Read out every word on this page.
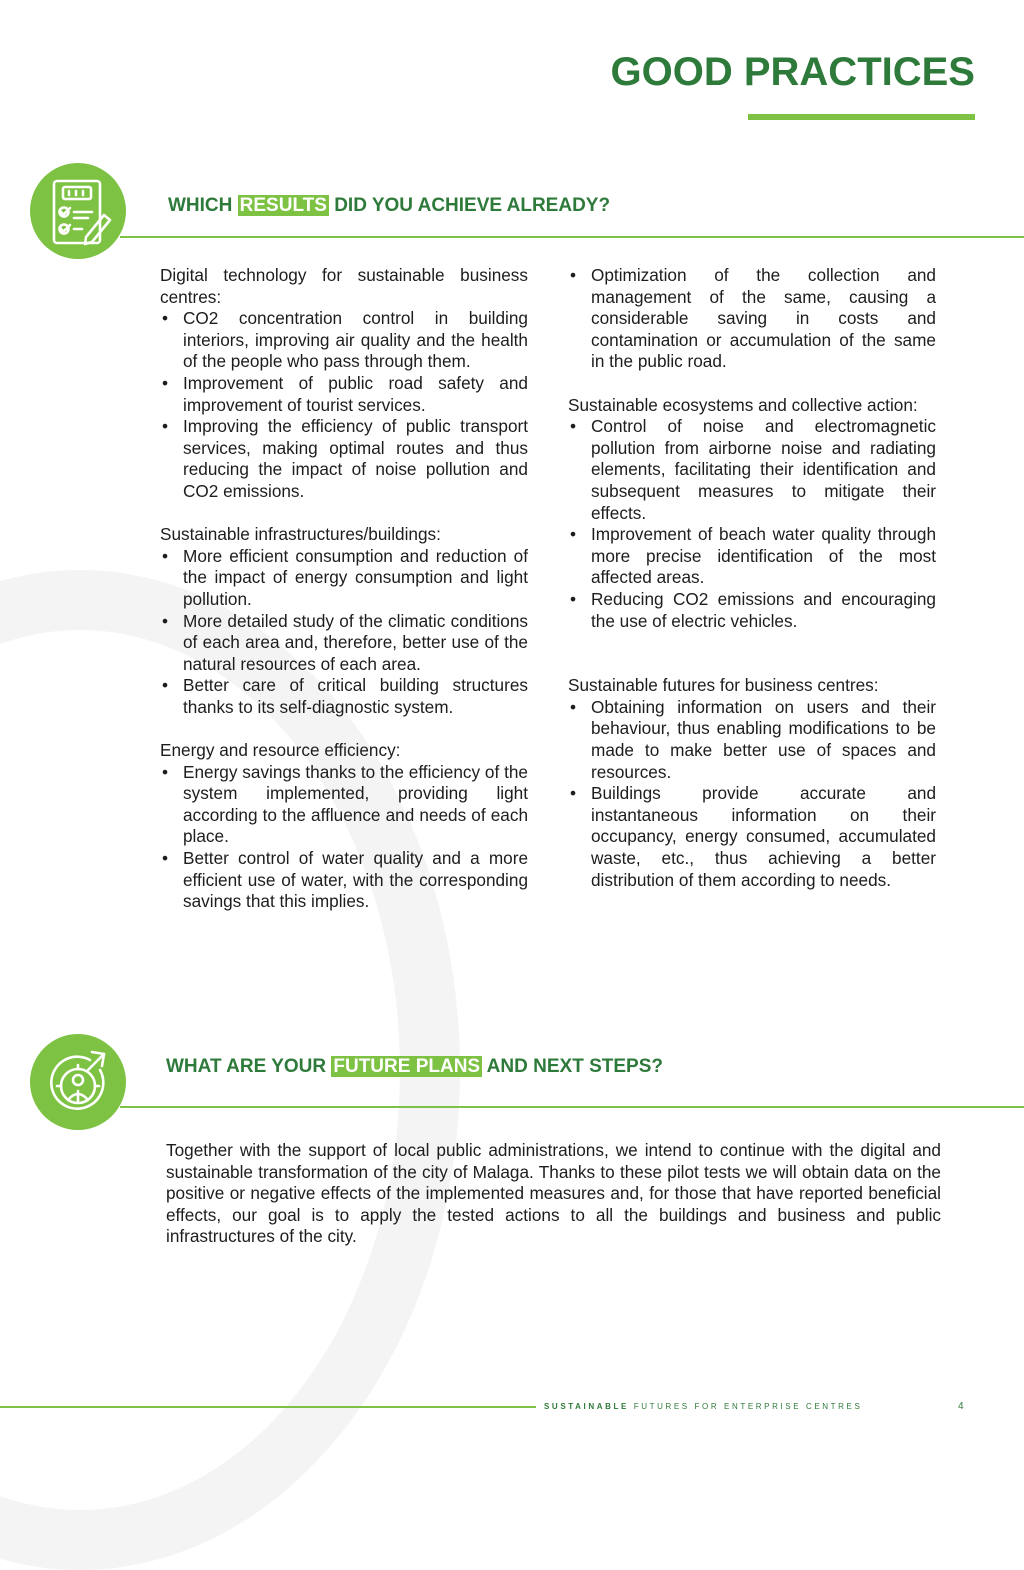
GOOD PRACTICES
WHICH RESULTS DID YOU ACHIEVE ALREADY?

Digital technology for sustainable business centres:

• CO2 concentration control in building interiors, improving air quality and the health of the people who pass through them.
• Improvement of public road safety and improvement of tourist services.
• Improving the efficiency of public transport services, making optimal routes and thus reducing the impact of noise pollution and CO2 emissions.

Sustainable infrastructures/buildings:

• More efficient consumption and reduction of the impact of energy consumption and light pollution.
• More detailed study of the climatic conditions of each area and, therefore, better use of the natural resources of each area.
• Better care of critical building structures thanks to its self-diagnostic system.

Energy and resource efficiency:

• Energy savings thanks to the efficiency of the system implemented, providing light according to the affluence and needs of each place.
• Better control of water quality and a more efficient use of water, with the corresponding savings that this implies.
• Optimization of the collection and management of the same, causing a considerable saving in costs and contamination or accumulation of the same in the public road.

Sustainable ecosystems and collective action:

• Control of noise and electromagnetic pollution from airborne noise and radiating elements, facilitating their identification and subsequent measures to mitigate their effects.
• Improvement of beach water quality through more precise identification of the most affected areas.
• Reducing CO2 emissions and encouraging the use of electric vehicles.

Sustainable futures for business centres:

• Obtaining information on users and their behaviour, thus enabling modifications to be made to make better use of spaces and resources.
• Buildings provide accurate and instantaneous information on their occupancy, energy consumed, accumulated waste, etc., thus achieving a better distribution of them according to needs.
WHAT ARE YOUR FUTURE PLANS AND NEXT STEPS?

Together with the support of local public administrations, we intend to continue with the digital and sustainable transformation of the city of Malaga. Thanks to these pilot tests we will obtain data on the positive or negative effects of the implemented measures and, for those that have reported beneficial effects, our goal is to apply the tested actions to all the buildings and business and public infrastructures of the city.

SUSTAINABLE FUTURES FOR ENTERPRISE CENTRES	4
